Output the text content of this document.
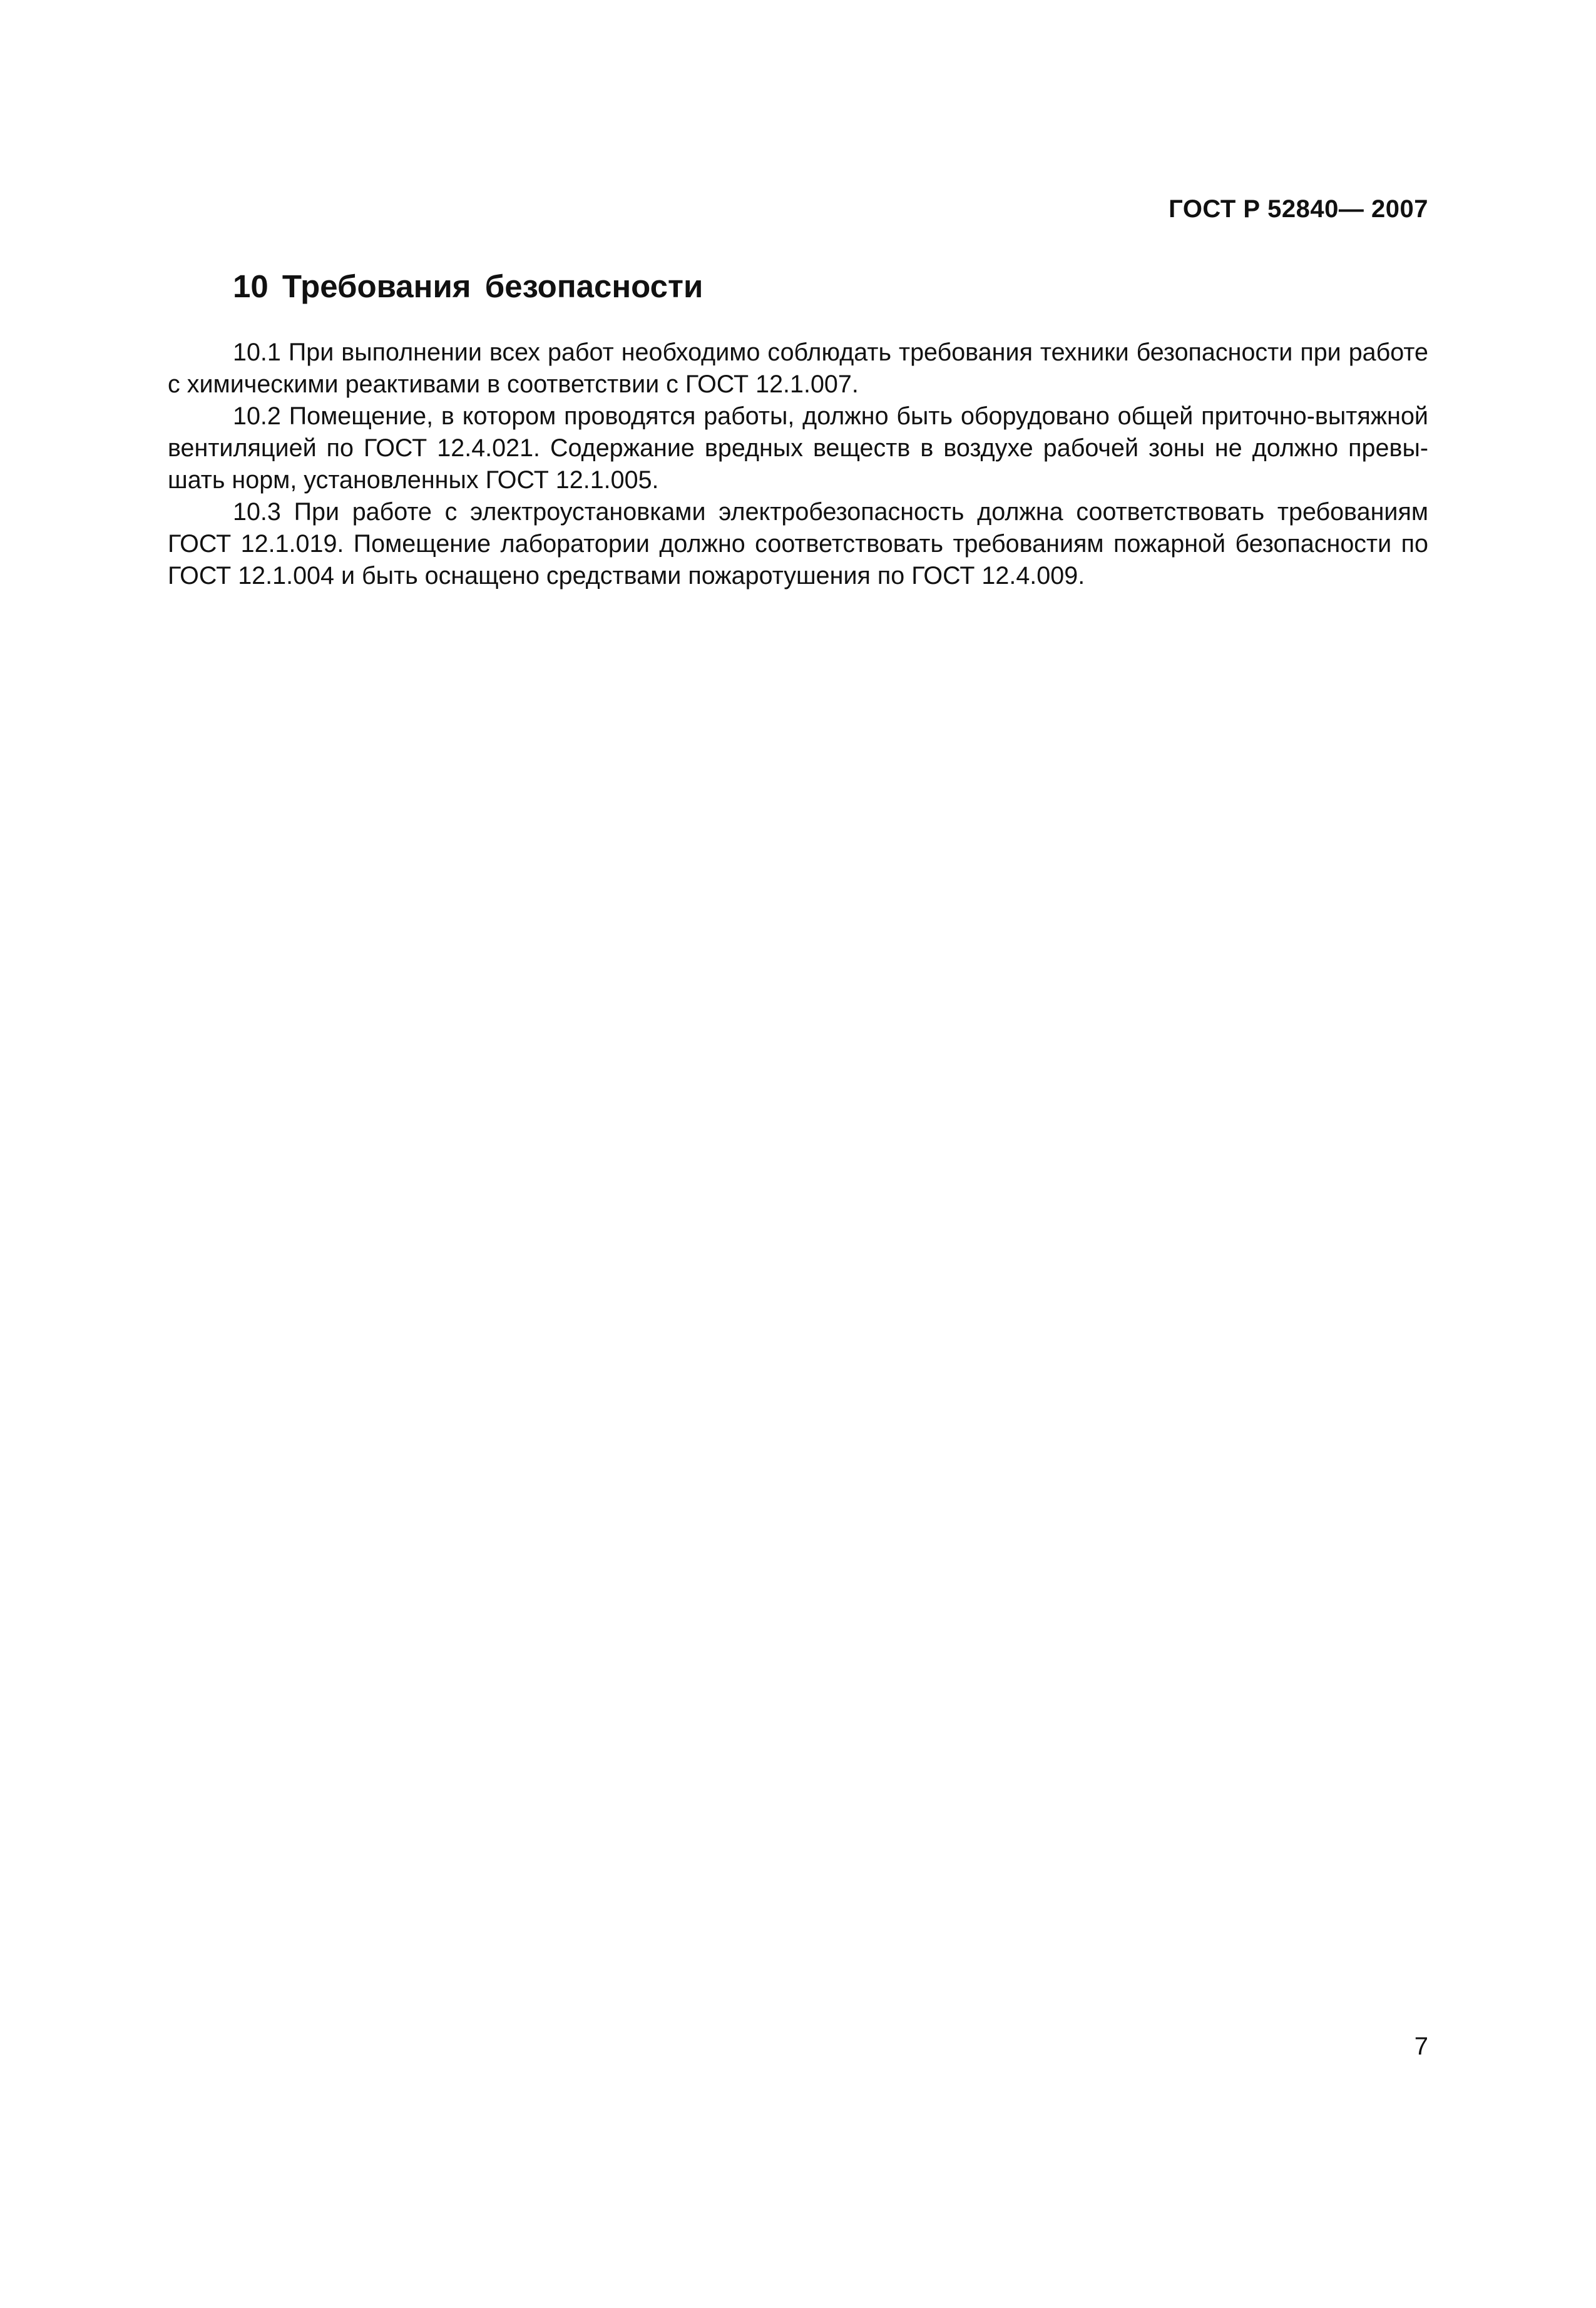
ГОСТ Р 52840— 2007
10 Требования безопасности

10.1 При выполнении всех работ необходимо соблюдать требования техники безопасности при работе с химическими реактивами в соответствии с ГОСТ 12.1.007.

10.2 Помещение, в котором проводятся работы, должно быть оборудовано общей приточно-вытяжной вентиляцией по ГОСТ 12.4.021. Содержание вредных веществ в воздухе рабочей зоны не должно превышать норм, установленных ГОСТ 12.1.005.

10.3 При работе с электроустановками электробезопасность должна соответствовать требованиям ГОСТ 12.1.019. Помещение лаборатории должно соответствовать требованиям пожарной безопасности по ГОСТ 12.1.004 и быть оснащено средствами пожаротушения по ГОСТ 12.4.009.

7
